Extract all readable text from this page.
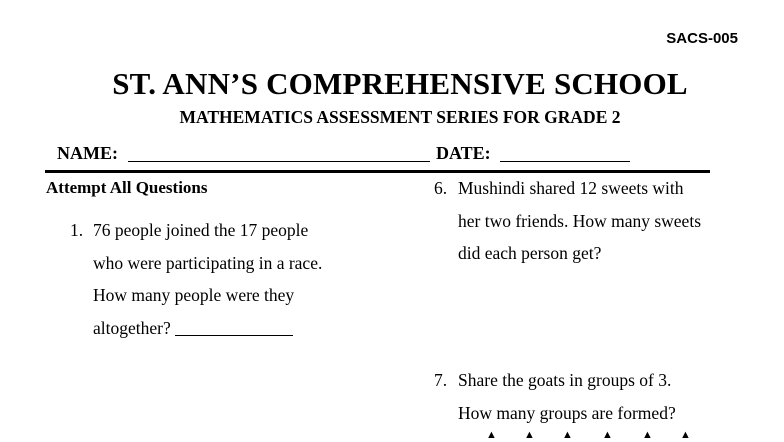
SACS-005
ST. ANN’S COMPREHENSIVE SCHOOL
MATHEMATICS ASSESSMENT SERIES FOR GRADE 2
NAME:	DATE:
Attempt All Questions
1. 76 people joined the 17 people
who were participating in a race.
How many people were they
altogether?
6. Mushindi shared 12 sweets with
her two friends. How many sweets
did each person get?
7. Share the goats in groups of 3.
How many groups are formed?
▲ ▲ ▲	▲	▲ ▲
